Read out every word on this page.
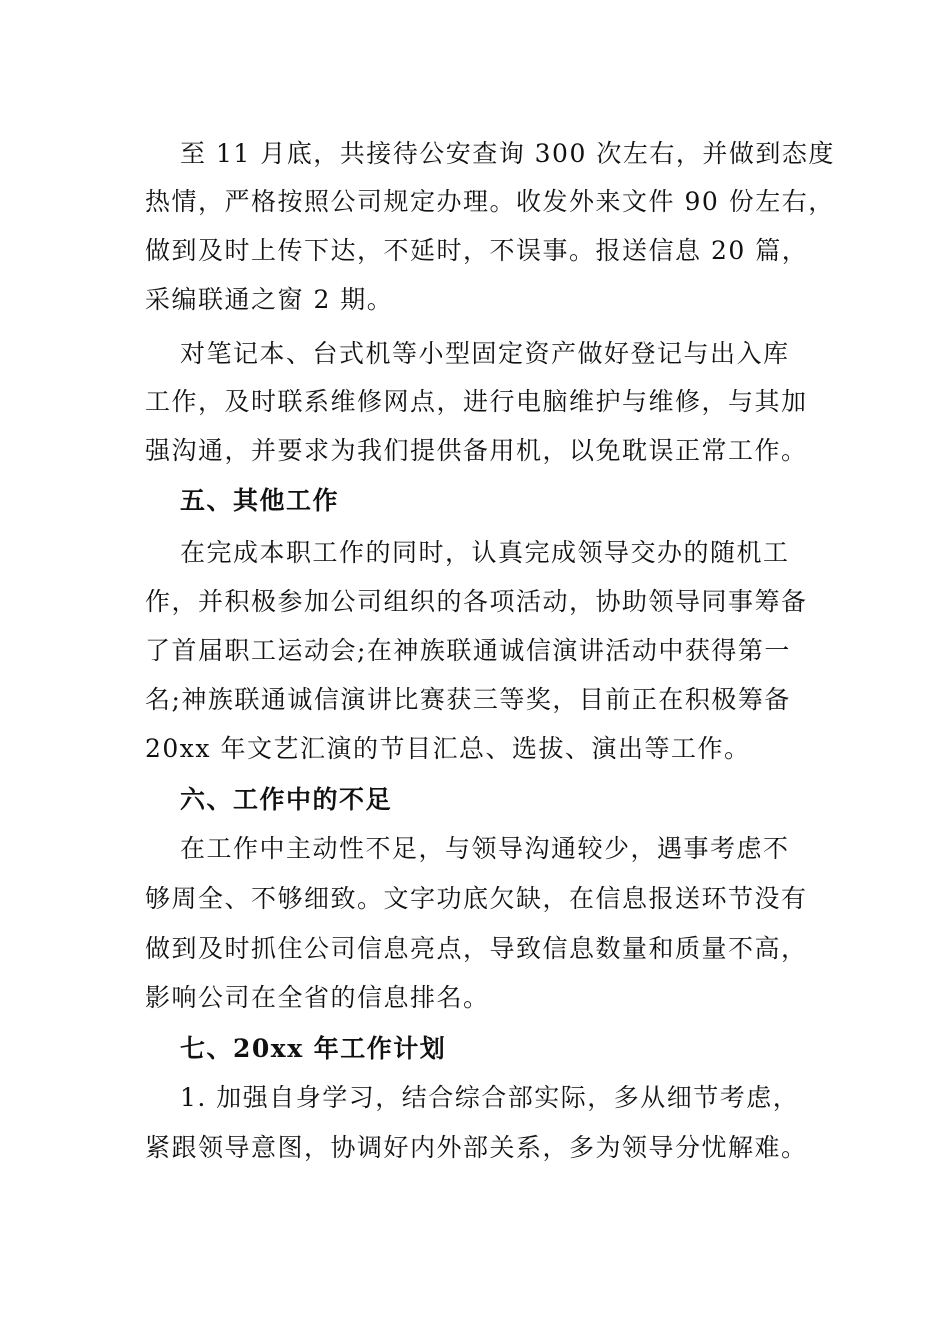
至 11 月底，共接待公安查询 300 次左右，并做到态度
热情，严格按照公司规定办理。收发外来文件 90 份左右，
做到及时上传下达，不延时，不误事。报送信息 20 篇，
采编联通之窗 2 期。
对笔记本、台式机等小型固定资产做好登记与出入库
工作，及时联系维修网点，进行电脑维护与维修，与其加
强沟通，并要求为我们提供备用机，以免耽误正常工作。
五、其他工作
在完成本职工作的同时，认真完成领导交办的随机工
作，并积极参加公司组织的各项活动，协助领导同事筹备
了首届职工运动会;在神族联通诚信演讲活动中获得第一
名;神族联通诚信演讲比赛获三等奖，目前正在积极筹备
20xx 年文艺汇演的节目汇总、选拔、演出等工作。
六、工作中的不足
在工作中主动性不足，与领导沟通较少，遇事考虑不
够周全、不够细致。文字功底欠缺，在信息报送环节没有
做到及时抓住公司信息亮点，导致信息数量和质量不高，
影响公司在全省的信息排名。
七、20xx 年工作计划
1. 加强自身学习，结合综合部实际，多从细节考虑，
紧跟领导意图，协调好内外部关系，多为领导分忧解难。
